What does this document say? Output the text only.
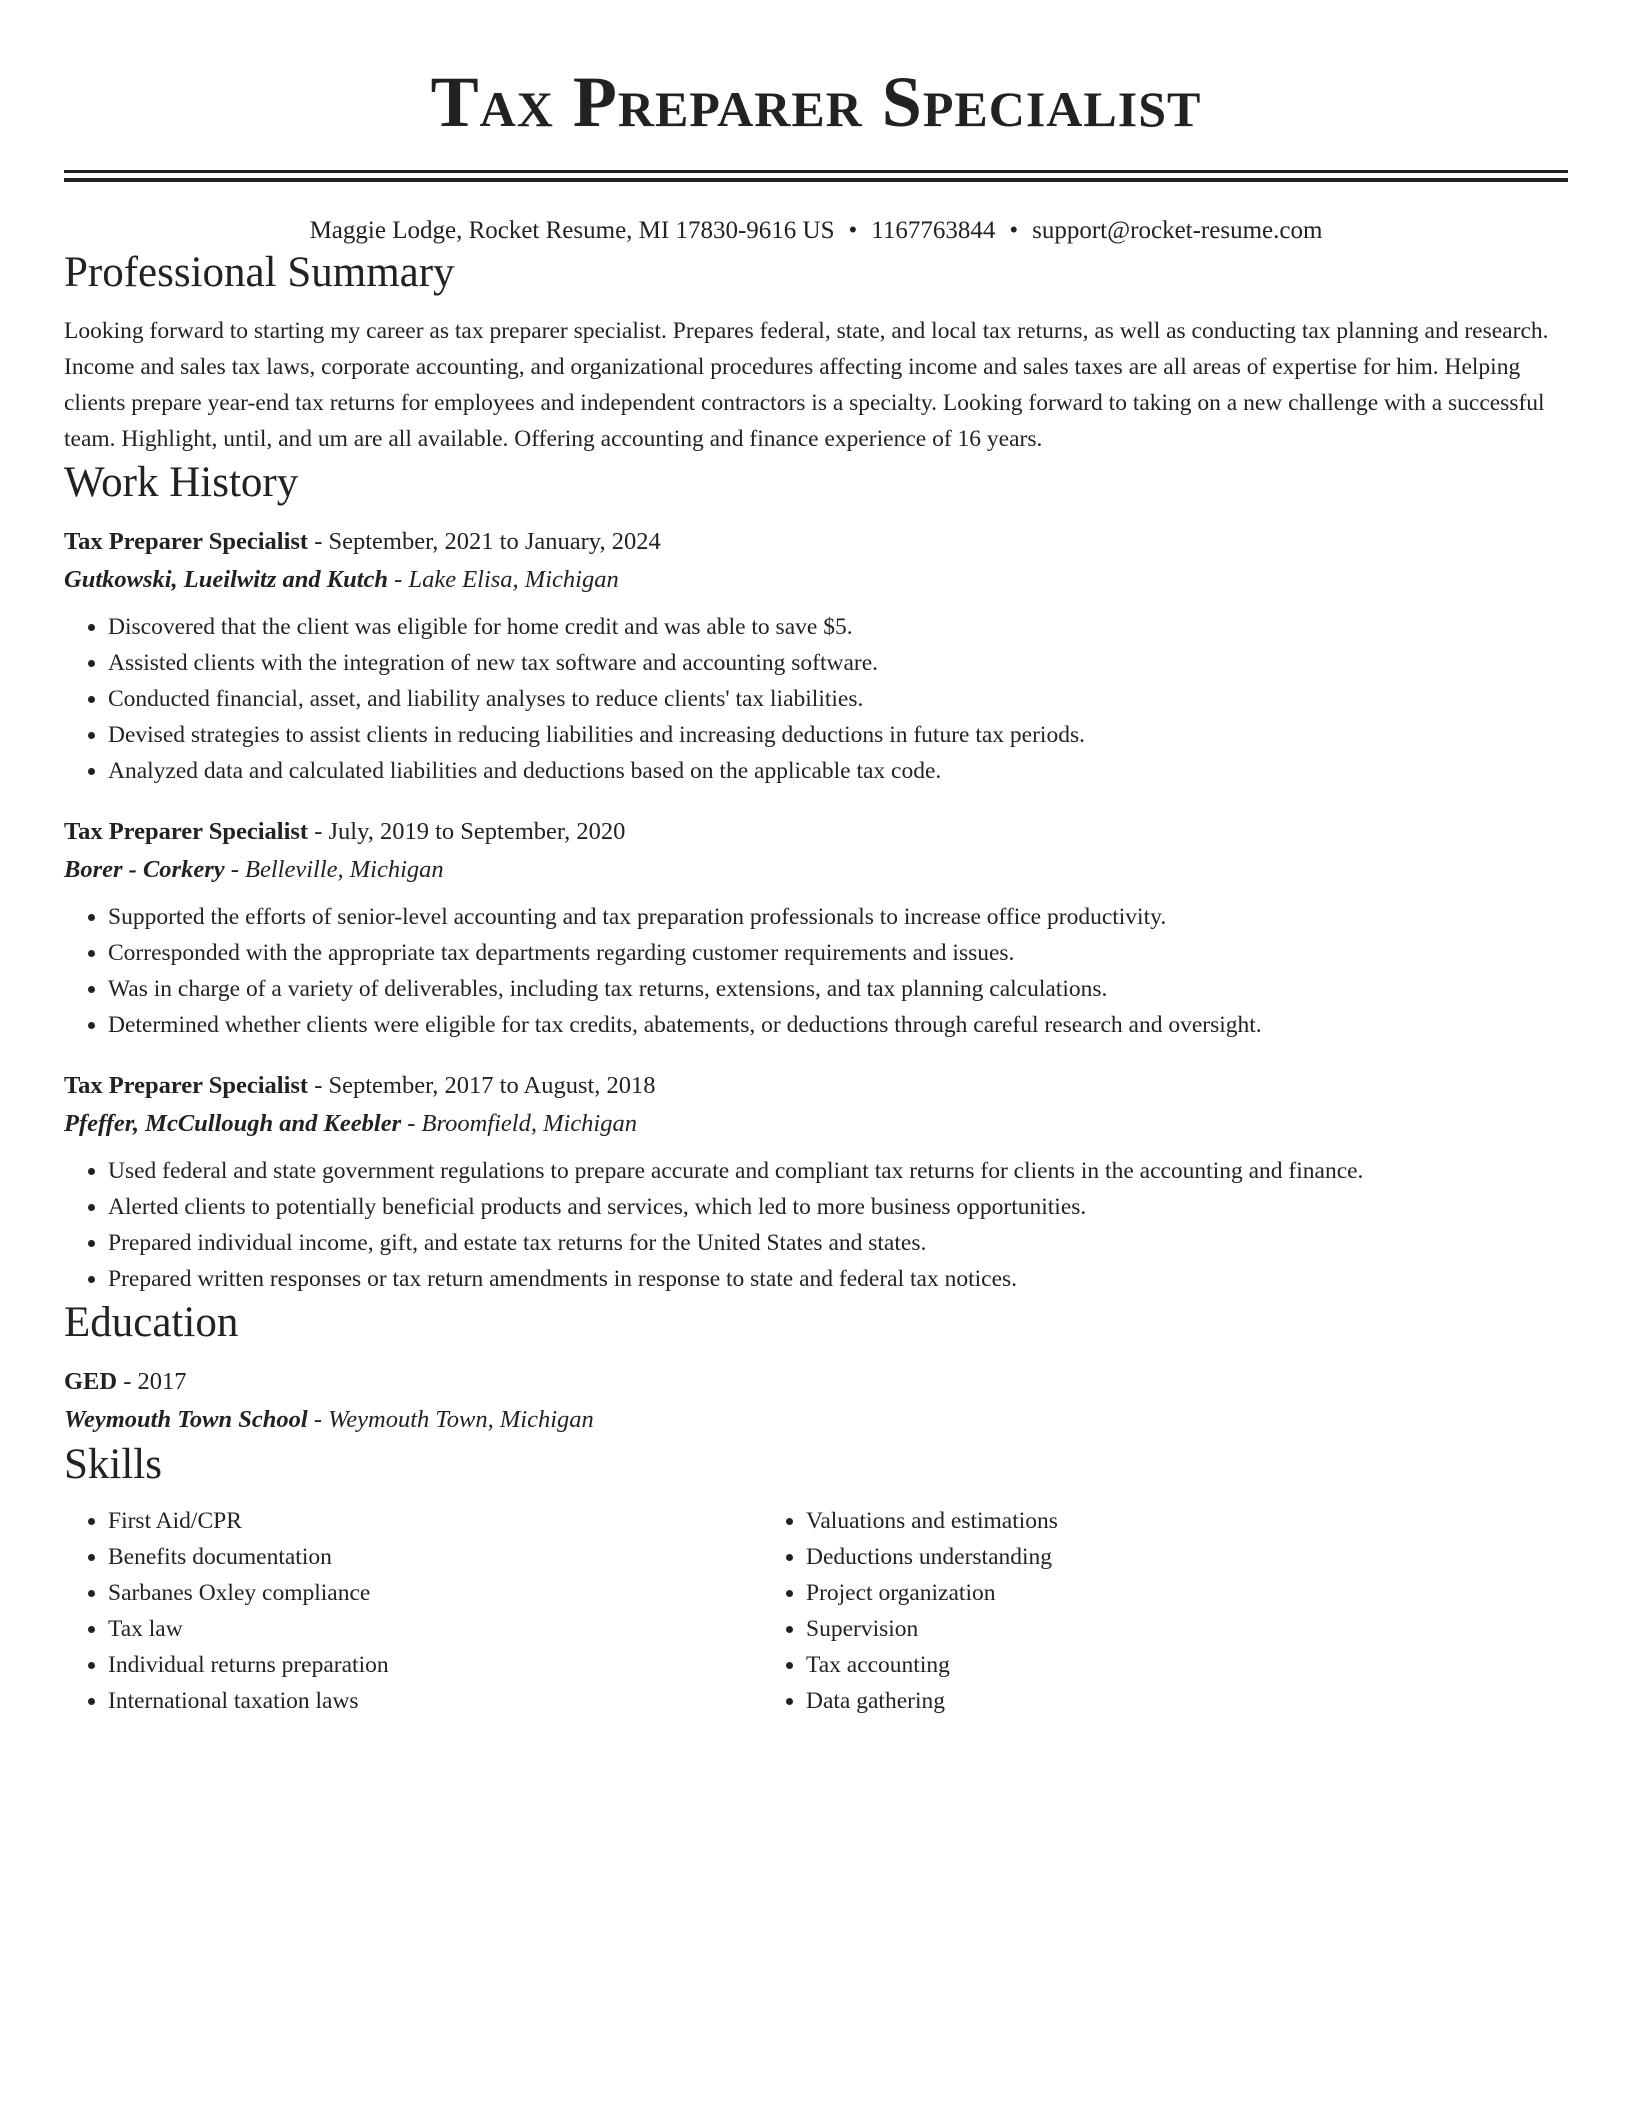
Tax Preparer Specialist
Maggie Lodge, Rocket Resume, MI 17830-9616 US • 1167763844 • support@rocket-resume.com
Professional Summary
Looking forward to starting my career as tax preparer specialist. Prepares federal, state, and local tax returns, as well as conducting tax planning and research. Income and sales tax laws, corporate accounting, and organizational procedures affecting income and sales taxes are all areas of expertise for him. Helping clients prepare year-end tax returns for employees and independent contractors is a specialty. Looking forward to taking on a new challenge with a successful team. Highlight, until, and um are all available. Offering accounting and finance experience of 16 years.
Work History
Tax Preparer Specialist - September, 2021 to January, 2024
Gutkowski, Lueilwitz and Kutch - Lake Elisa, Michigan
• Discovered that the client was eligible for home credit and was able to save $5.
• Assisted clients with the integration of new tax software and accounting software.
• Conducted financial, asset, and liability analyses to reduce clients' tax liabilities.
• Devised strategies to assist clients in reducing liabilities and increasing deductions in future tax periods.
• Analyzed data and calculated liabilities and deductions based on the applicable tax code.
Tax Preparer Specialist - July, 2019 to September, 2020
Borer - Corkery - Belleville, Michigan
• Supported the efforts of senior-level accounting and tax preparation professionals to increase office productivity.
• Corresponded with the appropriate tax departments regarding customer requirements and issues.
• Was in charge of a variety of deliverables, including tax returns, extensions, and tax planning calculations.
• Determined whether clients were eligible for tax credits, abatements, or deductions through careful research and oversight.
Tax Preparer Specialist - September, 2017 to August, 2018
Pfeffer, McCullough and Keebler - Broomfield, Michigan
• Used federal and state government regulations to prepare accurate and compliant tax returns for clients in the accounting and finance.
• Alerted clients to potentially beneficial products and services, which led to more business opportunities.
• Prepared individual income, gift, and estate tax returns for the United States and states.
• Prepared written responses or tax return amendments in response to state and federal tax notices.
Education
GED - 2017
Weymouth Town School - Weymouth Town, Michigan
Skills
• First Aid/CPR
• Benefits documentation
• Sarbanes Oxley compliance
• Tax law
• Individual returns preparation
• International taxation laws
• Valuations and estimations
• Deductions understanding
• Project organization
• Supervision
• Tax accounting
• Data gathering
